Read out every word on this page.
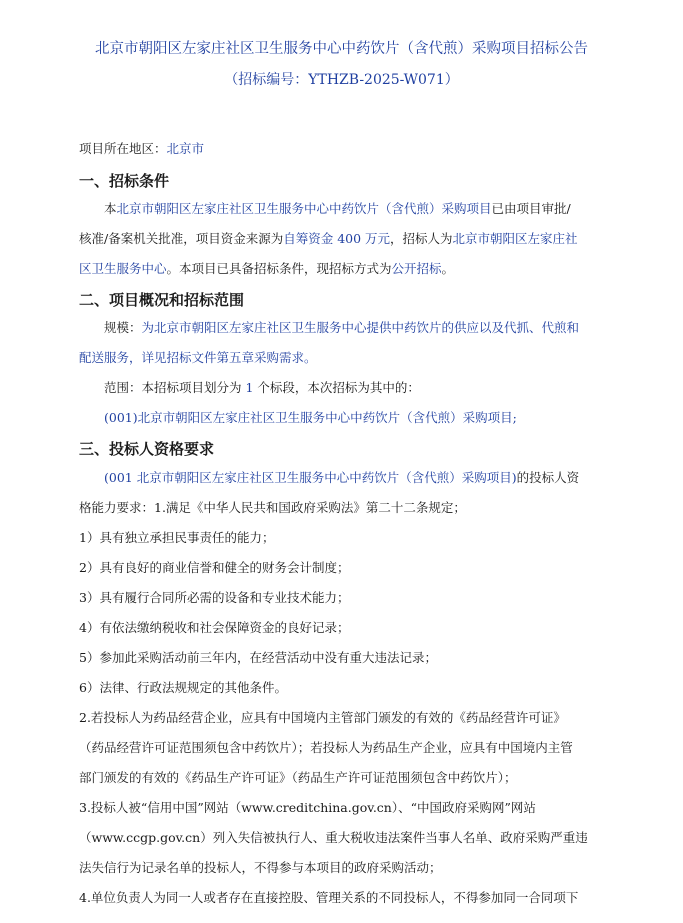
北京市朝阳区左家庄社区卫生服务中心中药饮片（含代煎）采购项目招标公告
（招标编号：YTHZB-2025-W071）
项目所在地区：北京市
一、招标条件
本北京市朝阳区左家庄社区卫生服务中心中药饮片（含代煎）采购项目已由项目审批/
核准/备案机关批准，项目资金来源为自筹资金 400 万元，招标人为北京市朝阳区左家庄社
区卫生服务中心。本项目已具备招标条件，现招标方式为公开招标。
二、项目概况和招标范围
规模：为北京市朝阳区左家庄社区卫生服务中心提供中药饮片的供应以及代抓、代煎和
配送服务，详见招标文件第五章采购需求。
范围：本招标项目划分为 1 个标段，本次招标为其中的：
(001)北京市朝阳区左家庄社区卫生服务中心中药饮片（含代煎）采购项目;
三、投标人资格要求
(001 北京市朝阳区左家庄社区卫生服务中心中药饮片（含代煎）采购项目)的投标人资
格能力要求：1.满足《中华人民共和国政府采购法》第二十二条规定；
1）具有独立承担民事责任的能力；
2）具有良好的商业信誉和健全的财务会计制度；
3）具有履行合同所必需的设备和专业技术能力；
4）有依法缴纳税收和社会保障资金的良好记录；
5）参加此采购活动前三年内，在经营活动中没有重大违法记录；
6）法律、行政法规规定的其他条件。
2.若投标人为药品经营企业，应具有中国境内主管部门颁发的有效的《药品经营许可证》
（药品经营许可证范围须包含中药饮片）；若投标人为药品生产企业，应具有中国境内主管
部门颁发的有效的《药品生产许可证》（药品生产许可证范围须包含中药饮片）；
3.投标人被“信用中国”网站（www.creditchina.gov.cn）、“中国政府采购网”网站
（www.ccgp.gov.cn）列入失信被执行人、重大税收违法案件当事人名单、政府采购严重违
法失信行为记录名单的投标人，不得参与本项目的政府采购活动；
4.单位负责人为同一人或者存在直接控股、管理关系的不同投标人，不得参加同一合同项下
